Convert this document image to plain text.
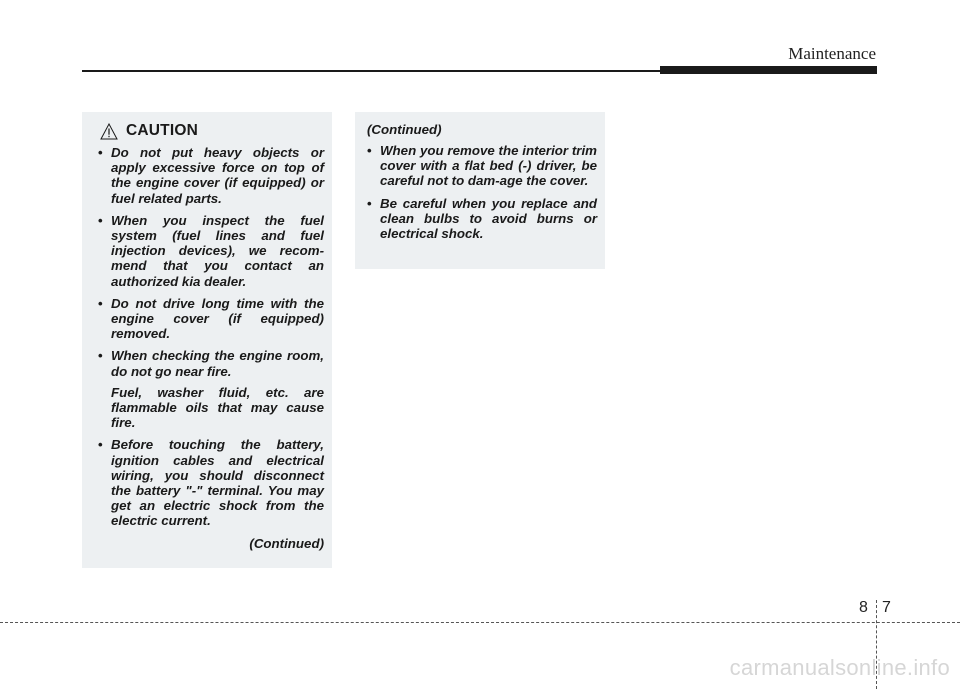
Maintenance
CAUTION
• Do not put heavy objects or apply excessive force on top of the engine cover (if equipped) or fuel related parts.
• When you inspect the fuel system (fuel lines and fuel injection devices), we recom-mend that you contact an authorized kia dealer.
• Do not drive long time with the engine cover (if equipped) removed.
• When checking the engine room, do not go near fire.
Fuel, washer fluid, etc. are flammable oils that may cause fire.
• Before touching the battery, ignition cables and electrical wiring, you should disconnect the battery "-" terminal. You may get an electric shock from the electric current.
(Continued)
(Continued)
• When you remove the interior trim cover with a flat bed (-) driver, be careful not to dam-age the cover.
• Be careful when you replace and clean bulbs to avoid burns or electrical shock.
8 7
carmanualsonline.info
